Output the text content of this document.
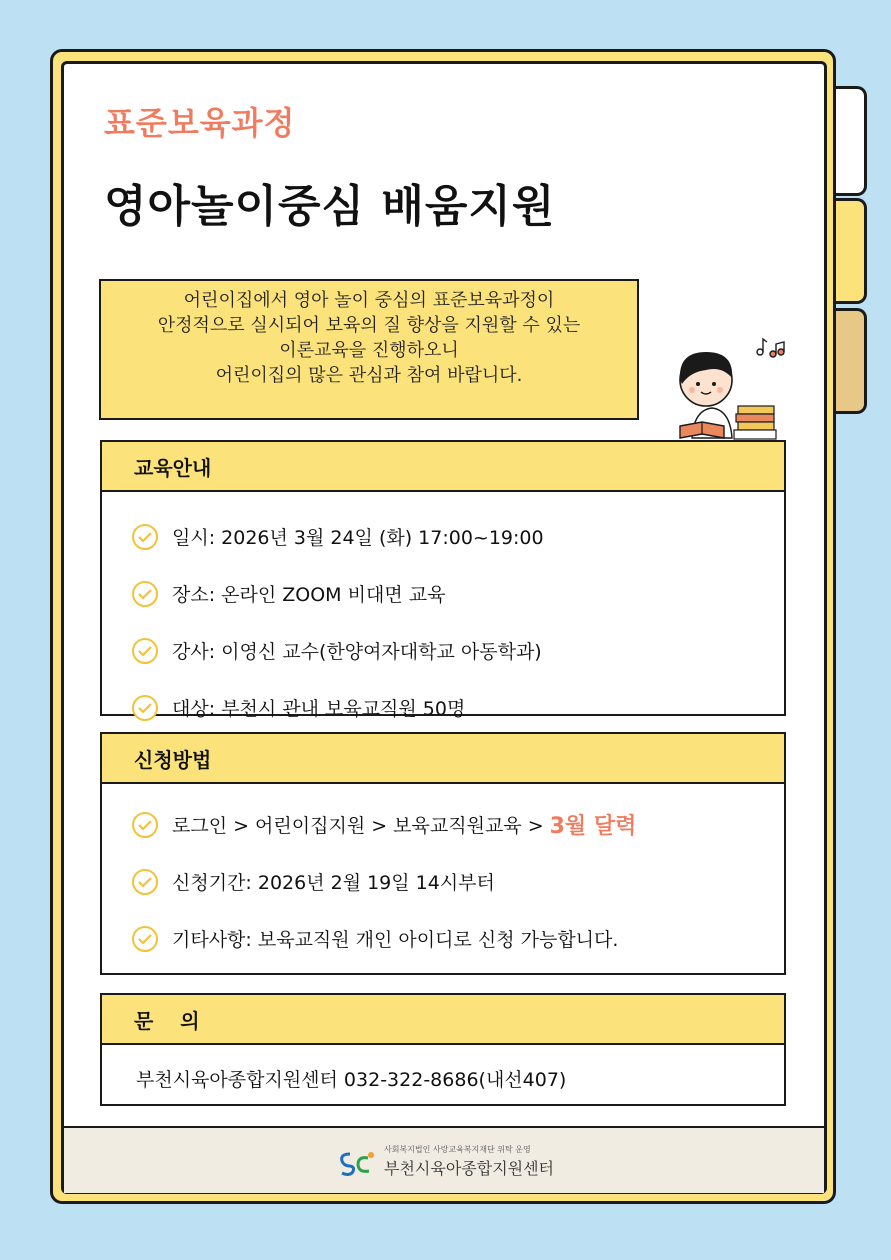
표준보육과정
영아놀이중심 배움지원
어린이집에서 영아 놀이 중심의 표준보육과정이
안정적으로 실시되어 보육의 질 향상을 지원할 수 있는
이론교육을 진행하오니
어린이집의 많은 관심과 참여 바랍니다.
교육안내
일시: 2026년 3월 24일 (화) 17:00~19:00
장소: 온라인 ZOOM 비대면 교육
강사: 이영신 교수(한양여자대학교 아동학과)
대상: 부천시 관내 보육교직원 50명
신청방법
로그인 > 어린이집지원 > 보육교직원교육 > 3월 달력
신청기간: 2026년 2월 19일 14시부터
기타사항: 보육교직원 개인 아이디로 신청 가능합니다.
문　 의
부천시육아종합지원센터 032-322-8686(내선407)
사회복지법인 사랑교육복지재단 위탁 운영
부천시육아종합지원센터
